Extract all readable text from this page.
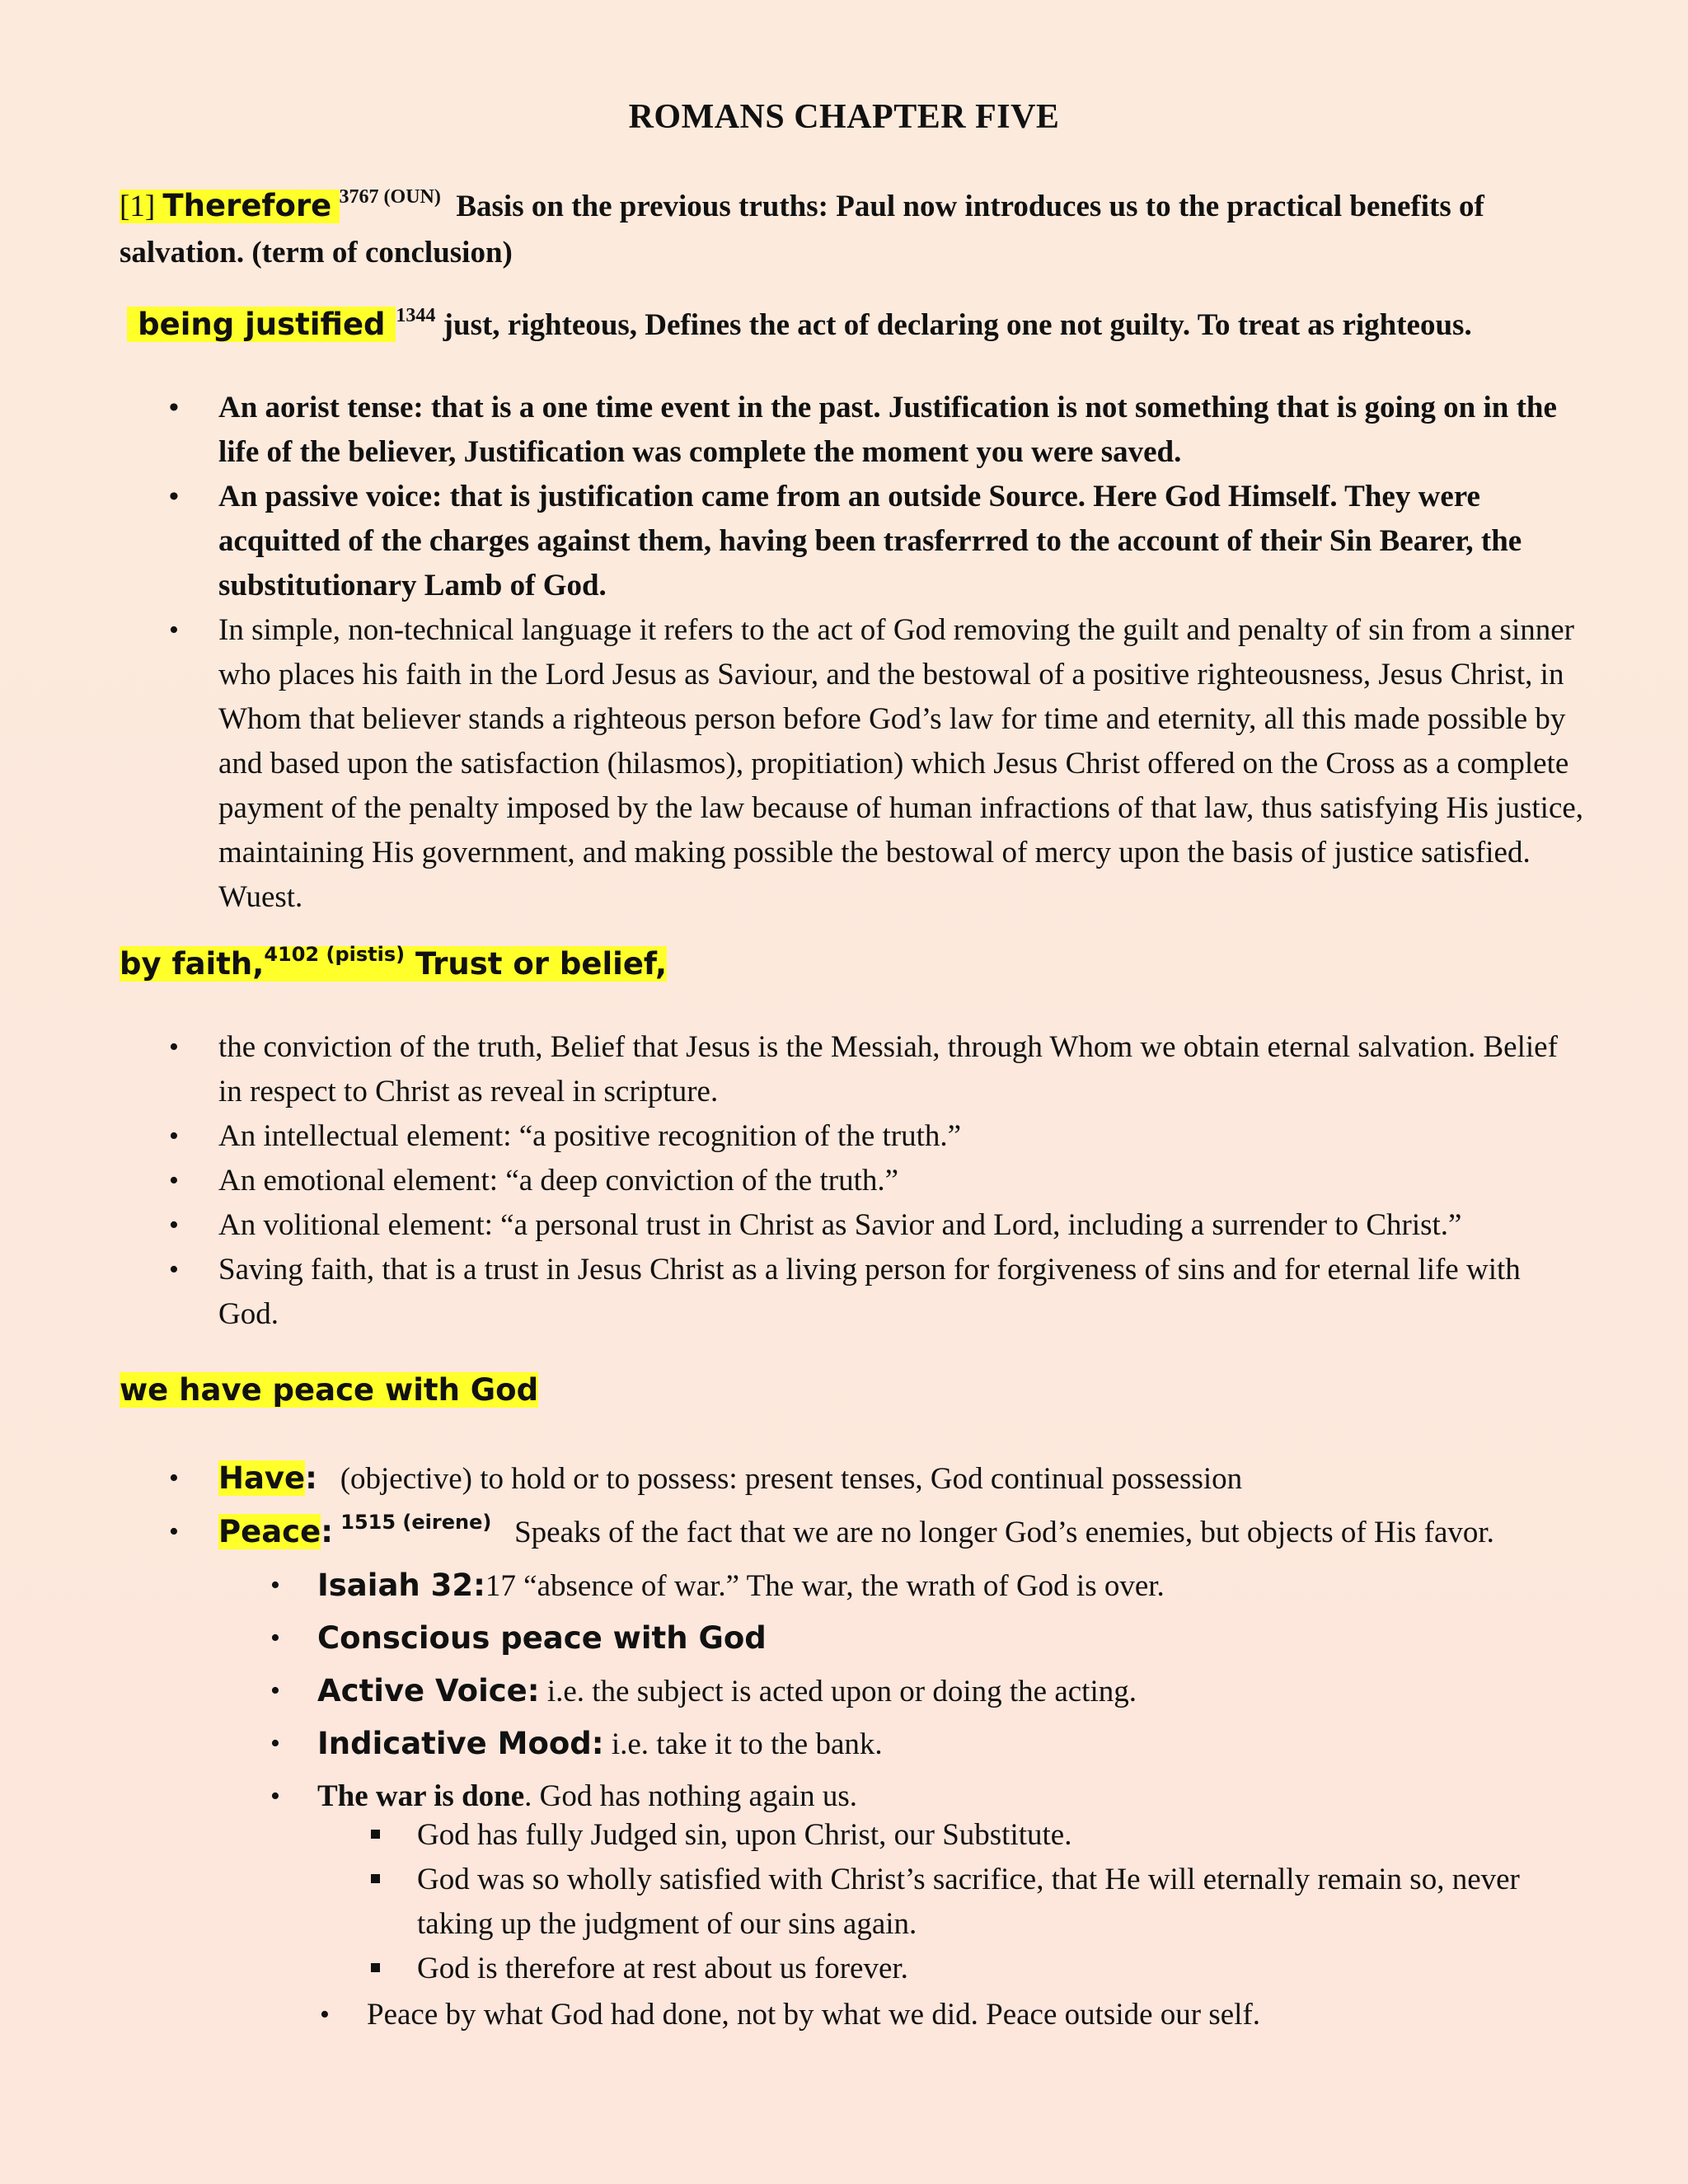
ROMANS CHAPTER FIVE
[1] Therefore $^{3767 (OUN)}$ Basis on the previous truths: Paul now introduces us to the practical benefits of salvation. (term of conclusion)
being justified $^{1344}$ just, righteous, Defines the act of declaring one not guilty. To treat as righteous.
• An aorist tense: that is a one time event in the past. Justification is not something that is going on in the life of the believer, Justification was complete the moment you were saved.
• An passive voice: that is justification came from an outside Source. Here God Himself. They were acquitted of the charges against them, having been trasferrred to the account of their Sin Bearer, the substitutionary Lamb of God.
• In simple, non-technical language it refers to the act of God removing the guilt and penalty of sin from a sinner who places his faith in the Lord Jesus as Saviour, and the bestowal of a positive righteousness, Jesus Christ, in Whom that believer stands a righteous person before God’s law for time and eternity, all this made possible by and based upon the satisfaction (hilasmos), propitiation) which Jesus Christ offered on the Cross as a complete payment of the penalty imposed by the law because of human infractions of that law, thus satisfying His justice, maintaining His government, and making possible the bestowal of mercy upon the basis of justice satisfied. Wuest.
by faith,$^{4102 (pistis)}$ Trust or belief,
• the conviction of the truth, Belief that Jesus is the Messiah, through Whom we obtain eternal salvation. Belief in respect to Christ as reveal in scripture.
• An intellectual element: “a positive recognition of the truth.”
• An emotional element: “a deep conviction of the truth.”
• An volitional element: “a personal trust in Christ as Savior and Lord, including a surrender to Christ.”
• Saving faith, that is a trust in Jesus Christ as a living person for forgiveness of sins and for eternal life with God.
we have peace with God
• Have: (objective) to hold or to possess: present tenses, God continual possession
• Peace: $^{1515 (eirene)}$ Speaks of the fact that we are no longer God’s enemies, but objects of His favor.
• Isaiah 32:17 “absence of war.” The war, the wrath of God is over.
• Conscious peace with God
• Active Voice: i.e. the subject is acted upon or doing the acting.
• Indicative Mood: i.e. take it to the bank.
• The war is done. God has nothing again us.
God has fully Judged sin, upon Christ, our Substitute.
God was so wholly satisfied with Christ’s sacrifice, that He will eternally remain so, never taking up the judgment of our sins again.
God is therefore at rest about us forever.
• Peace by what God had done, not by what we did. Peace outside our self.
